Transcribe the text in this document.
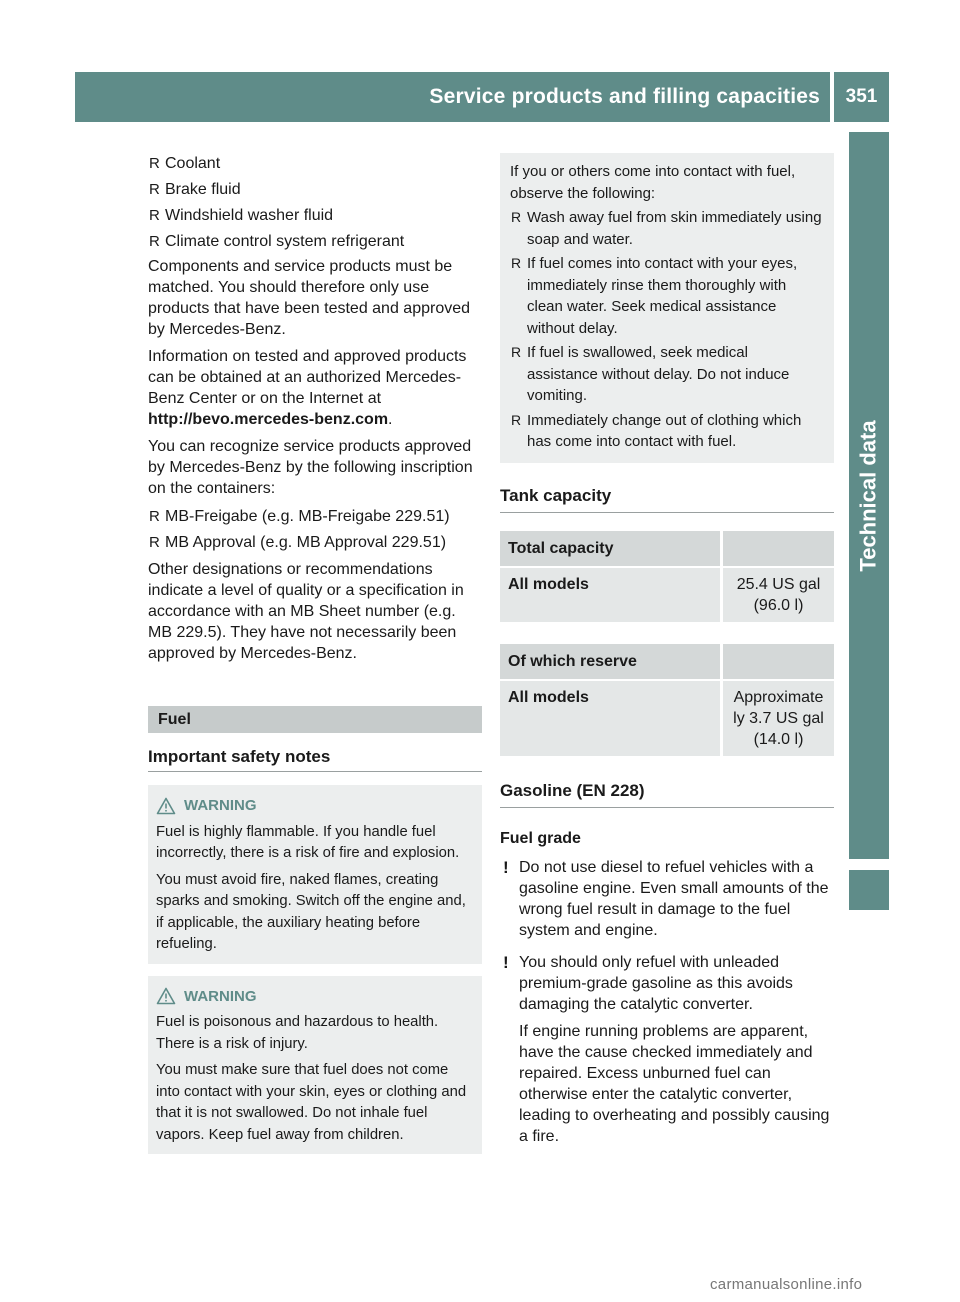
Service products and filling capacities	351
Technical data
R Coolant
R Brake fluid
R Windshield washer fluid
R Climate control system refrigerant

Components and service products must be matched. You should therefore only use products that have been tested and approved by Mercedes-Benz.

Information on tested and approved products can be obtained at an authorized Mercedes-Benz Center or on the Internet at http://bevo.mercedes-benz.com.

You can recognize service products approved by Mercedes-Benz by the following inscription on the containers:

R MB-Freigabe (e.g. MB-Freigabe 229.51)
R MB Approval (e.g. MB Approval 229.51)

Other designations or recommendations indicate a level of quality or a specification in accordance with an MB Sheet number (e.g. MB 229.5). They have not necessarily been approved by Mercedes-Benz.

Fuel
Important safety notes

WARNING

Fuel is highly flammable. If you handle fuel incorrectly, there is a risk of fire and explosion.

You must avoid fire, naked flames, creating sparks and smoking. Switch off the engine and, if applicable, the auxiliary heating before refueling.

WARNING

Fuel is poisonous and hazardous to health. There is a risk of injury.

You must make sure that fuel does not come into contact with your skin, eyes or clothing and that it is not swallowed. Do not inhale fuel vapors. Keep fuel away from children.

If you or others come into contact with fuel, observe the following:

R Wash away fuel from skin immediately using soap and water.
R If fuel comes into contact with your eyes, immediately rinse them thoroughly with clean water. Seek medical assistance without delay.
R If fuel is swallowed, seek medical assistance without delay. Do not induce vomiting.
R Immediately change out of clothing which has come into contact with fuel.
Tank capacity
Total capacity	
All models	25.4 US gal
(96.0 l)
Of which reserve	
All models	Approximate
ly 3.7 US gal
(14.0 l)
Gasoline (EN 228)

Fuel grade

! Do not use diesel to refuel vehicles with a gasoline engine. Even small amounts of the wrong fuel result in damage to the fuel system and engine.

! You should only refuel with unleaded premium-grade gasoline as this avoids damaging the catalytic converter.

If engine running problems are apparent, have the cause checked immediately and repaired. Excess unburned fuel can otherwise enter the catalytic converter, leading to overheating and possibly causing a fire.

carmanualsonline.info
